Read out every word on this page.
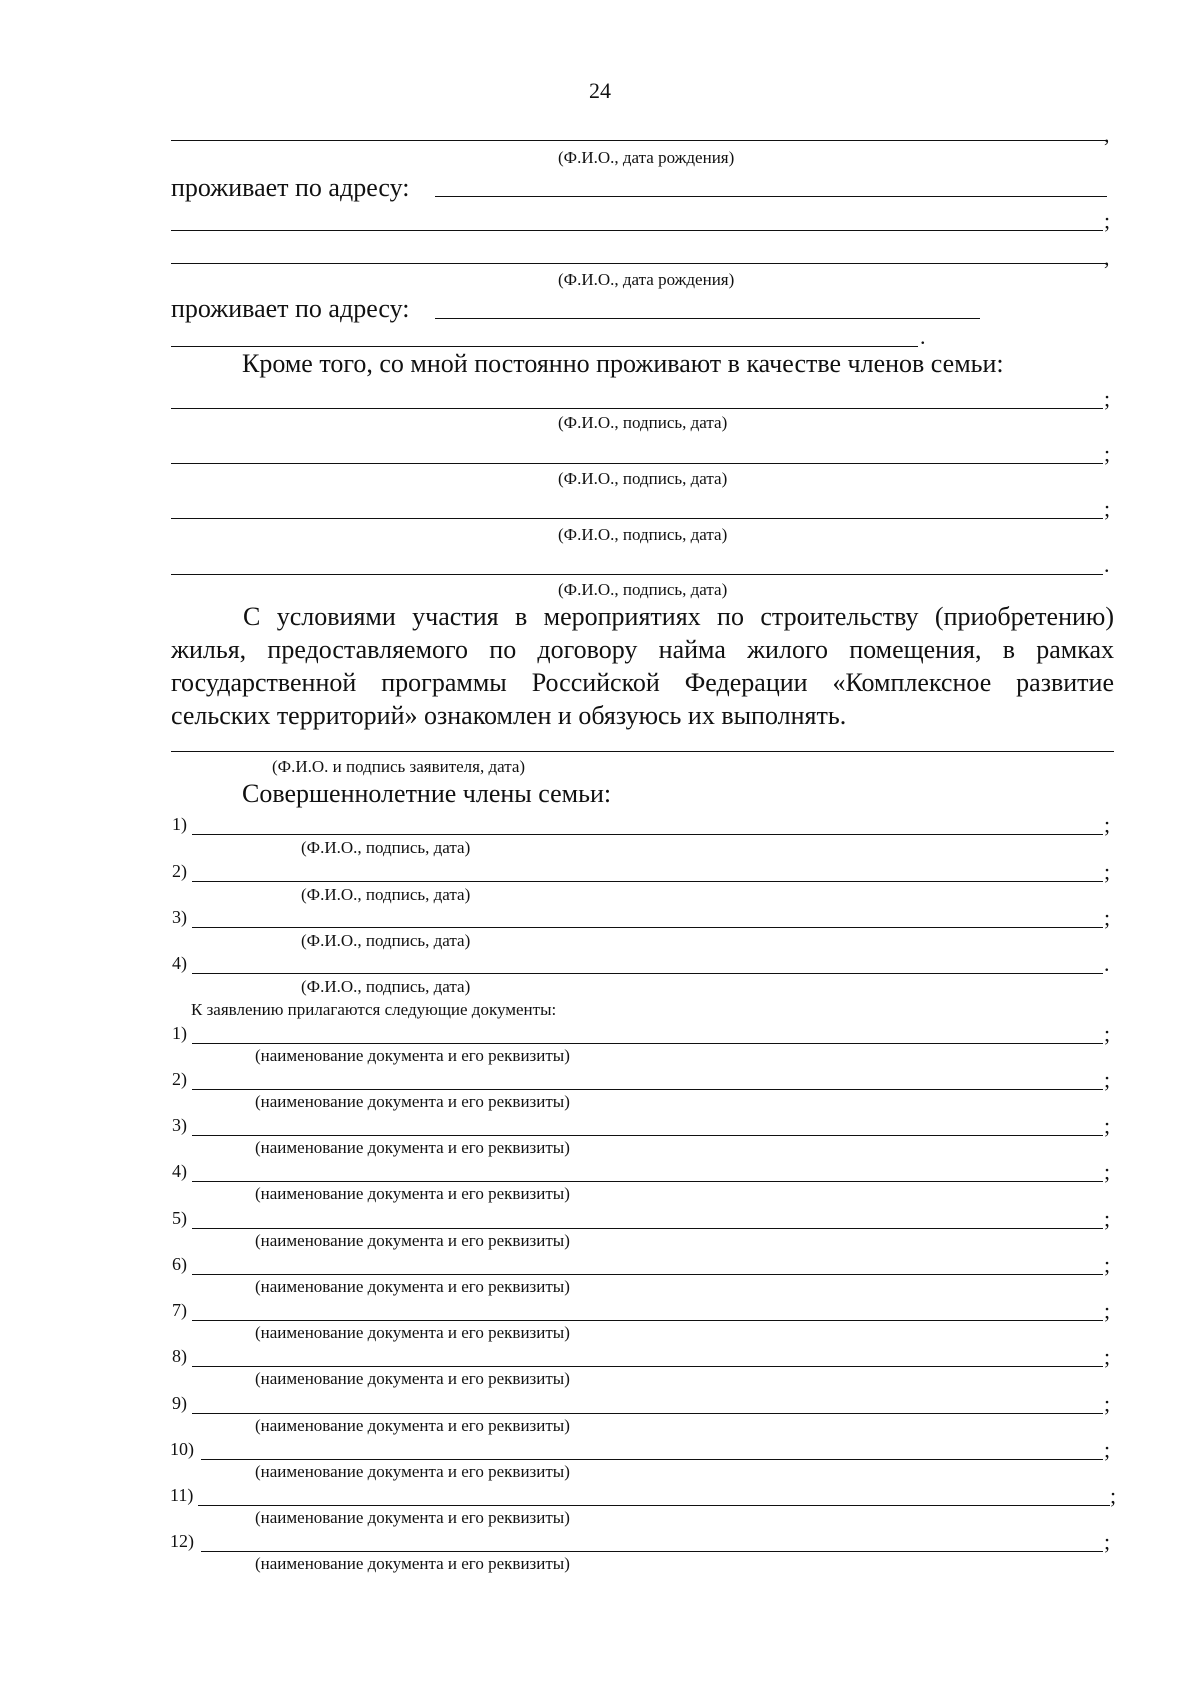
24
,
(Ф.И.О., дата рождения)
проживает по адресу:
;
,
(Ф.И.О., дата рождения)
проживает по адресу:
.
Кроме того, со мной постоянно проживают в качестве членов семьи:
;
(Ф.И.О., подпись, дата)
;
(Ф.И.О., подпись, дата)
;
(Ф.И.О., подпись, дата)
.
(Ф.И.О., подпись, дата)
С условиями участия в мероприятиях по строительству (приобретению) жилья, предоставляемого по договору найма жилого помещения, в рамках государственной программы Российской Федерации «Комплексное развитие сельских территорий» ознакомлен и обязуюсь их выполнять.
(Ф.И.О. и подпись заявителя, дата)
Совершеннолетние члены семьи:
1)	;
(Ф.И.О., подпись, дата)
2)	;
(Ф.И.О., подпись, дата)
3)	;
(Ф.И.О., подпись, дата)
4)	.
(Ф.И.О., подпись, дата)
К заявлению прилагаются следующие документы:
1)	;
(наименование документа и его реквизиты)
2)	;
(наименование документа и его реквизиты)
3)	;
(наименование документа и его реквизиты)
4)	;
(наименование документа и его реквизиты)
5)	;
(наименование документа и его реквизиты)
6)	;
(наименование документа и его реквизиты)
7)	;
(наименование документа и его реквизиты)
8)	;
(наименование документа и его реквизиты)
9)	;
(наименование документа и его реквизиты)
10)	;
(наименование документа и его реквизиты)
11)	;
(наименование документа и его реквизиты)
12)	;
(наименование документа и его реквизиты)
